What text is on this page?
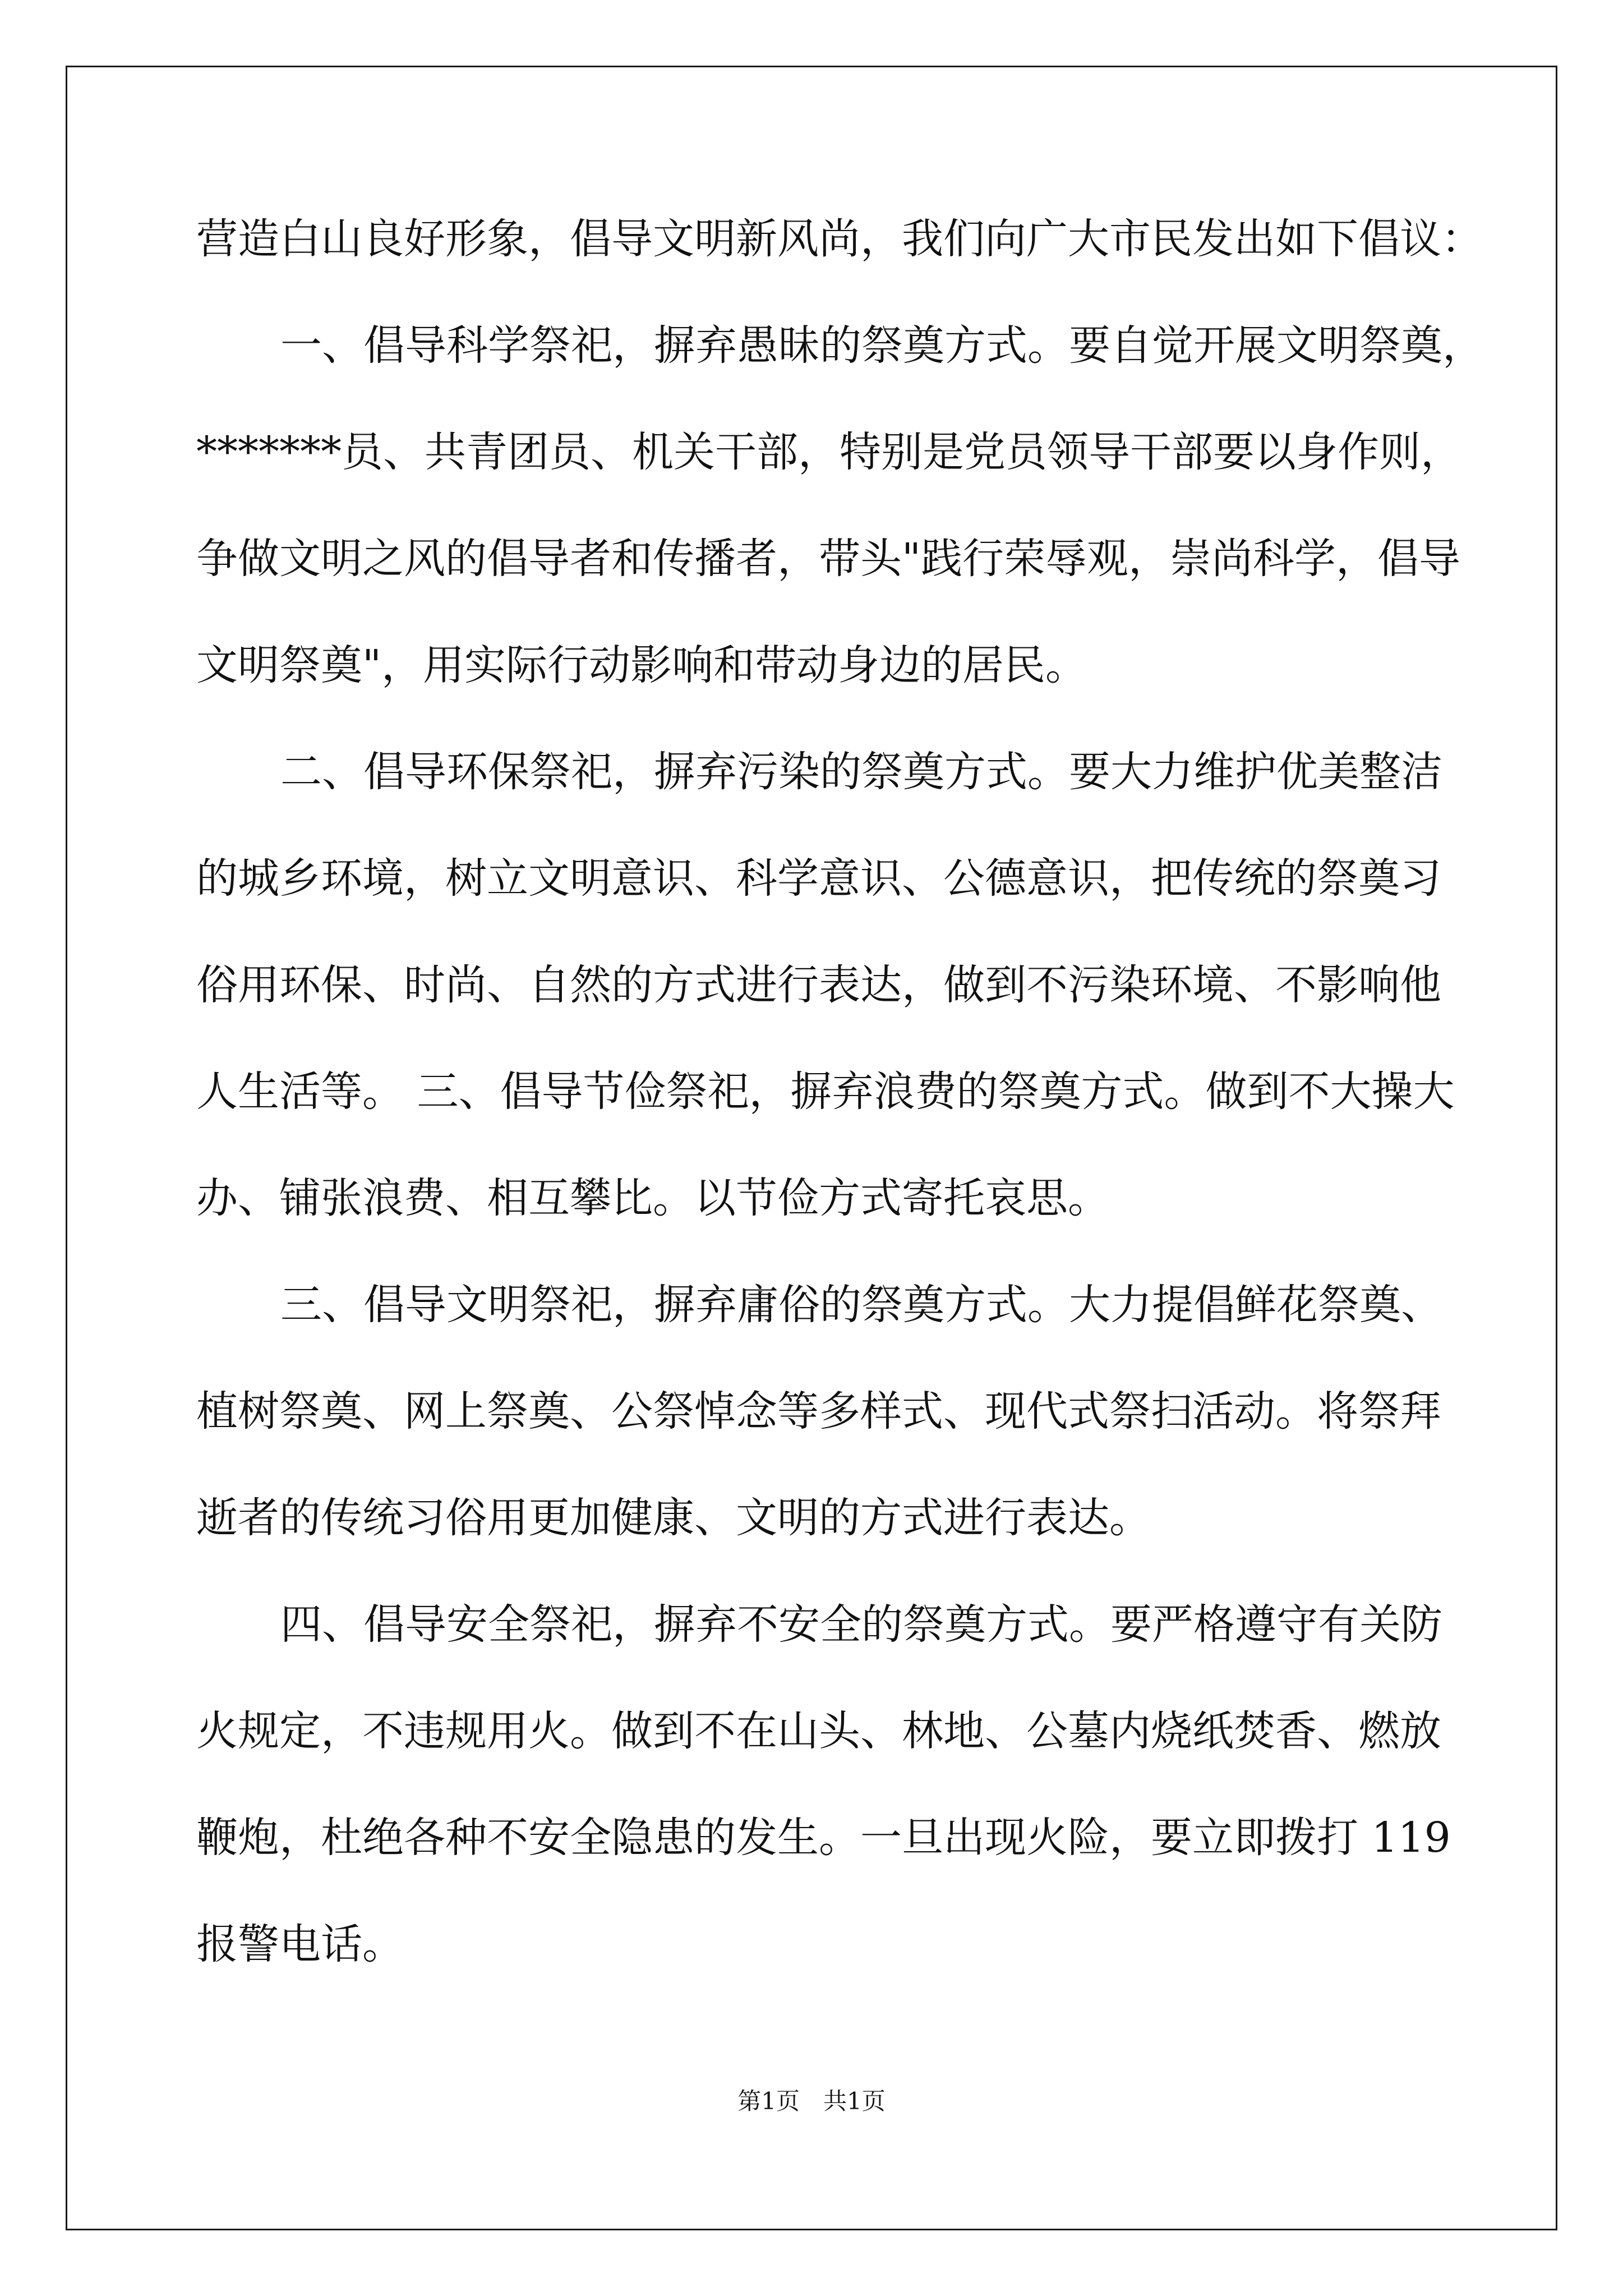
营造白山良好形象，倡导文明新风尚，我们向广大市民发出如下倡议：
一、倡导科学祭祀，摒弃愚昧的祭奠方式。要自觉开展文明祭奠，
*******员、共青团员、机关干部，特别是党员领导干部要以身作则，
争做文明之风的倡导者和传播者，带头"践行荣辱观，崇尚科学，倡导
文明祭奠"，用实际行动影响和带动身边的居民。
二、倡导环保祭祀，摒弃污染的祭奠方式。要大力维护优美整洁
的城乡环境，树立文明意识、科学意识、公德意识，把传统的祭奠习
俗用环保、时尚、自然的方式进行表达，做到不污染环境、不影响他
人生活等。 三、倡导节俭祭祀，摒弃浪费的祭奠方式。做到不大操大
办、铺张浪费、相互攀比。以节俭方式寄托哀思。
三、倡导文明祭祀，摒弃庸俗的祭奠方式。大力提倡鲜花祭奠、
植树祭奠、网上祭奠、公祭悼念等多样式、现代式祭扫活动。将祭拜
逝者的传统习俗用更加健康、文明的方式进行表达。
四、倡导安全祭祀，摒弃不安全的祭奠方式。要严格遵守有关防
火规定，不违规用火。做到不在山头、林地、公墓内烧纸焚香、燃放
鞭炮，杜绝各种不安全隐患的发生。一旦出现火险，要立即拨打 119
报警电话。
第1页　共1页
